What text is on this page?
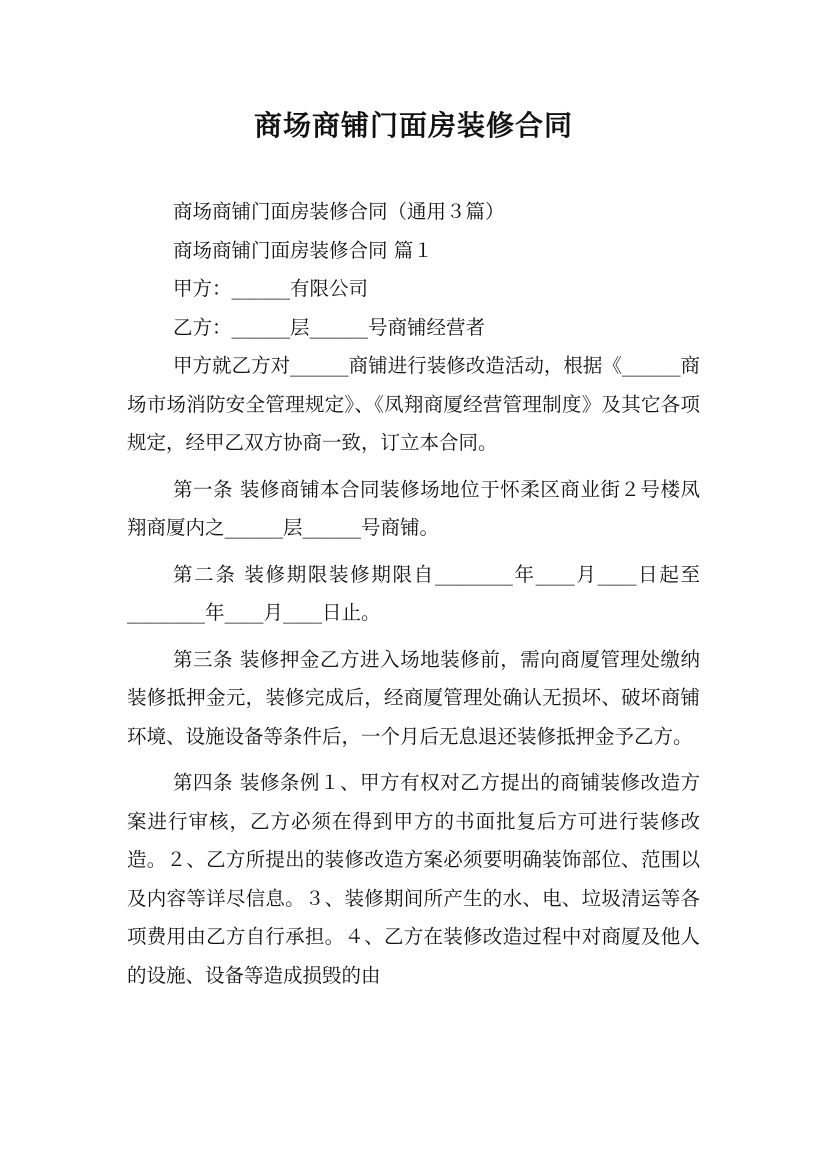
商场商铺门面房装修合同

商场商铺门面房装修合同（通用３篇）

商场商铺门面房装修合同 篇１

甲方：______有限公司

乙方：______层______号商铺经营者

甲方就乙方对______商铺进行装修改造活动，根据《______商场市场消防安全管理规定》、《凤翔商厦经营管理制度》及其它各项规定，经甲乙双方协商一致，订立本合同。

第一条 装修商铺本合同装修场地位于怀柔区商业街２号楼凤翔商厦内之______层______号商铺。

第二条 装修期限装修期限自________年____月____日起至________年____月____日止。

第三条 装修押金乙方进入场地装修前，需向商厦管理处缴纳装修抵押金元，装修完成后，经商厦管理处确认无损坏、破坏商铺环境、设施设备等条件后，一个月后无息退还装修抵押金予乙方。

第四条 装修条例１、甲方有权对乙方提出的商铺装修改造方案进行审核，乙方必须在得到甲方的书面批复后方可进行装修改造。２、乙方所提出的装修改造方案必须要明确装饰部位、范围以及内容等详尽信息。３、装修期间所产生的水、电、垃圾清运等各项费用由乙方自行承担。４、乙方在装修改造过程中对商厦及他人的设施、设备等造成损毁的由
